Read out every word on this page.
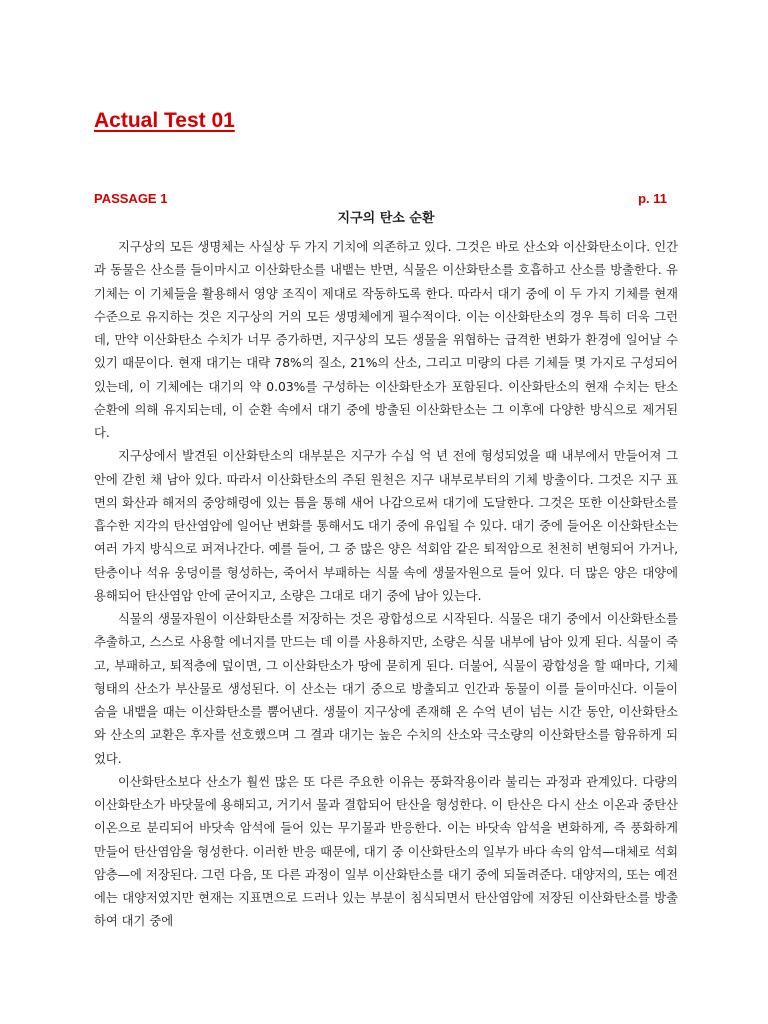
Actual Test 01
PASSAGE 1	p. 11
지구의 탄소 순환

지구상의 모든 생명체는 사실상 두 가지 기치에 의존하고 있다. 그것은 바로 산소와 이산화탄소이다. 인간과 동물은 산소를 들이마시고 이산화탄소를 내뱉는 반면, 식물은 이산화탄소를 호흡하고 산소를 방출한다. 유기체는 이 기체들을 활용해서 영양 조직이 제대로 작동하도록 한다. 따라서 대기 중에 이 두 가지 기체를 현재 수준으로 유지하는 것은 지구상의 거의 모든 생명체에게 필수적이다. 이는 이산화탄소의 경우 특히 더욱 그런데, 만약 이산화탄소 수치가 너무 증가하면, 지구상의 모든 생물을 위협하는 급격한 변화가 환경에 일어날 수 있기 때문이다. 현재 대기는 대략 78%의 질소, 21%의 산소, 그리고 미량의 다른 기체들 몇 가지로 구성되어 있는데, 이 기체에는 대기의 약 0.03%를 구성하는 이산화탄소가 포함된다. 이산화탄소의 현재 수치는 탄소 순환에 의해 유지되는데, 이 순환 속에서 대기 중에 방출된 이산화탄소는 그 이후에 다양한 방식으로 제거된다.

지구상에서 발견된 이산화탄소의 대부분은 지구가 수십 억 년 전에 형성되었을 때 내부에서 만들어져 그 안에 갇힌 채 남아 있다. 따라서 이산화탄소의 주된 원천은 지구 내부로부터의 기체 방출이다. 그것은 지구 표면의 화산과 해저의 중앙해령에 있는 틈을 통해 새어 나감으로써 대기에 도달한다. 그것은 또한 이산화탄소를 흡수한 지각의 탄산염암에 일어난 변화를 통해서도 대기 중에 유입될 수 있다. 대기 중에 들어온 이산화탄소는 여러 가지 방식으로 퍼져나간다. 예를 들어, 그 중 많은 양은 석회암 같은 퇴적암으로 천천히 변형되어 가거나, 탄층이나 석유 웅덩이를 형성하는, 죽어서 부패하는 식물 속에 생물자원으로 들어 있다. 더 많은 양은 대양에 용해되어 탄산염암 안에 굳어지고, 소량은 그대로 대기 중에 남아 있는다.

식물의 생물자원이 이산화탄소를 저장하는 것은 광합성으로 시작된다. 식물은 대기 중에서 이산화탄소를 추출하고, 스스로 사용할 에너지를 만드는 데 이를 사용하지만, 소량은 식물 내부에 남아 있게 된다. 식물이 죽고, 부패하고, 퇴적층에 덮이면, 그 이산화탄소가 땅에 묻히게 된다. 더불어, 식물이 광합성을 할 때마다, 기체 형태의 산소가 부산물로 생성된다. 이 산소는 대기 중으로 방출되고 인간과 동물이 이를 들이마신다. 이들이 숨을 내뱉을 때는 이산화탄소를 뿜어낸다. 생물이 지구상에 존재해 온 수억 년이 넘는 시간 동안, 이산화탄소와 산소의 교환은 후자를 선호했으며 그 결과 대기는 높은 수치의 산소와 극소량의 이산화탄소를 함유하게 되었다.

이산화탄소보다 산소가 훨씬 많은 또 다른 주요한 이유는 풍화작용이라 불리는 과정과 관계있다. 다량의 이산화탄소가 바닷물에 용해되고, 거기서 물과 결합되어 탄산을 형성한다. 이 탄산은 다시 산소 이온과 중탄산 이온으로 분리되어 바닷속 암석에 들어 있는 무기물과 반응한다. 이는 바닷속 암석을 변화하게, 즉 풍화하게 만들어 탄산염암을 형성한다. 이러한 반응 때문에, 대기 중 이산화탄소의 일부가 바다 속의 암석—대체로 석회암층—에 저장된다. 그런 다음, 또 다른 과정이 일부 이산화탄소를 대기 중에 되돌려준다. 대양저의, 또는 예전에는 대양저였지만 현재는 지표면으로 드러나 있는 부분이 침식되면서 탄산염암에 저장된 이산화탄소를 방출하여 대기 중에
